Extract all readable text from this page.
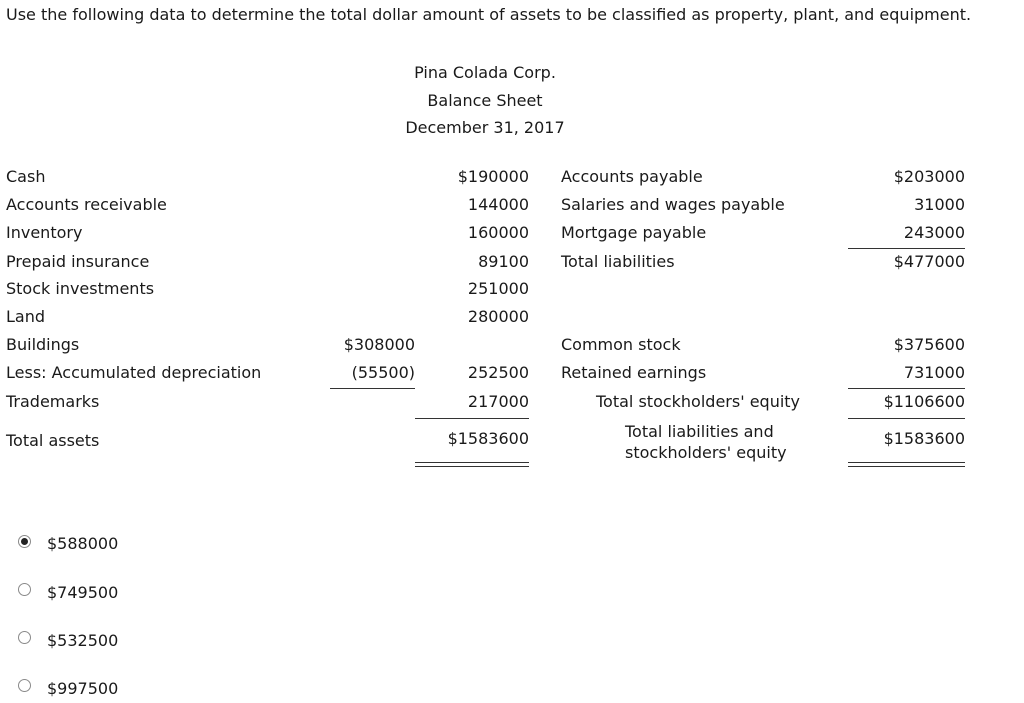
Use the following data to determine the total dollar amount of assets to be classified as property, plant, and equipment.
Pina Colada Corp.
Balance Sheet
December 31, 2017
Cash	$190000
Accounts receivable	144000
Inventory	160000
Prepaid insurance	89100
Stock investments	251000
Land	280000
Buildings	$308000
Less: Accumulated depreciation	(55500)	252500
Trademarks	217000
Total assets	$1583600
Accounts payable	$203000
Salaries and wages payable	31000
Mortgage payable	243000
Total liabilities	$477000
Common stock	$375600
Retained earnings	731000
Total stockholders' equity	$1106600
Total liabilities and stockholders' equity
$1583600
$588000
$749500
$532500
$997500
